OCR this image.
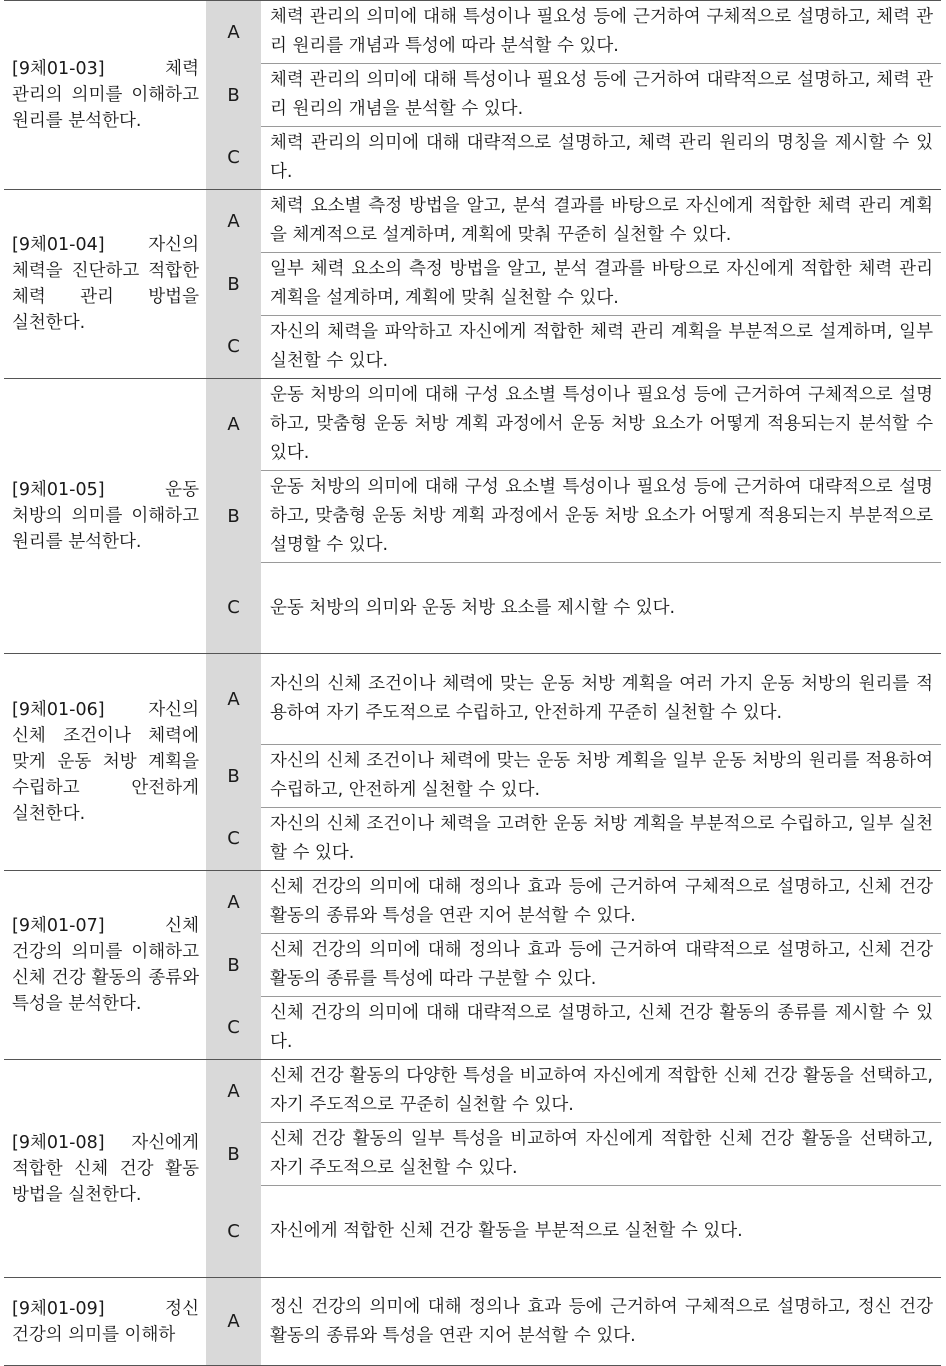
[9체01-03] 체력 관리의 의미를 이해하고 원리를 분석한다.	A	체력 관리의 의미에 대해 특성이나 필요성 등에 근거하여 구체적으로 설명하고, 체력 관리 원리를 개념과 특성에 따라 분석할 수 있다.
	B	체력 관리의 의미에 대해 특성이나 필요성 등에 근거하여 대략적으로 설명하고, 체력 관리 원리의 개념을 분석할 수 있다.
	C	체력 관리의 의미에 대해 대략적으로 설명하고, 체력 관리 원리의 명칭을 제시할 수 있다.
[9체01-04] 자신의 체력을 진단하고 적합한 체력 관리 방법을 실천한다.	A	체력 요소별 측정 방법을 알고, 분석 결과를 바탕으로 자신에게 적합한 체력 관리 계획을 체계적으로 설계하며, 계획에 맞춰 꾸준히 실천할 수 있다.
	B	일부 체력 요소의 측정 방법을 알고, 분석 결과를 바탕으로 자신에게 적합한 체력 관리 계획을 설계하며, 계획에 맞춰 실천할 수 있다.
	C	자신의 체력을 파악하고 자신에게 적합한 체력 관리 계획을 부분적으로 설계하며, 일부 실천할 수 있다.
[9체01-05] 운동 처방의 의미를 이해하고 원리를 분석한다.	A	운동 처방의 의미에 대해 구성 요소별 특성이나 필요성 등에 근거하여 구체적으로 설명하고, 맞춤형 운동 처방 계획 과정에서 운동 처방 요소가 어떻게 적용되는지 분석할 수 있다.
	B	운동 처방의 의미에 대해 구성 요소별 특성이나 필요성 등에 근거하여 대략적으로 설명하고, 맞춤형 운동 처방 계획 과정에서 운동 처방 요소가 어떻게 적용되는지 부분적으로 설명할 수 있다.
	C	운동 처방의 의미와 운동 처방 요소를 제시할 수 있다.
[9체01-06] 자신의 신체 조건이나 체력에 맞게 운동 처방 계획을 수립하고 안전하게 실천한다.	A	자신의 신체 조건이나 체력에 맞는 운동 처방 계획을 여러 가지 운동 처방의 원리를 적용하여 자기 주도적으로 수립하고, 안전하게 꾸준히 실천할 수 있다.
	B	자신의 신체 조건이나 체력에 맞는 운동 처방 계획을 일부 운동 처방의 원리를 적용하여 수립하고, 안전하게 실천할 수 있다.
	C	자신의 신체 조건이나 체력을 고려한 운동 처방 계획을 부분적으로 수립하고, 일부 실천할 수 있다.
[9체01-07] 신체 건강의 의미를 이해하고 신체 건강 활동의 종류와 특성을 분석한다.	A	신체 건강의 의미에 대해 정의나 효과 등에 근거하여 구체적으로 설명하고, 신체 건강 활동의 종류와 특성을 연관 지어 분석할 수 있다.
	B	신체 건강의 의미에 대해 정의나 효과 등에 근거하여 대략적으로 설명하고, 신체 건강 활동의 종류를 특성에 따라 구분할 수 있다.
	C	신체 건강의 의미에 대해 대략적으로 설명하고, 신체 건강 활동의 종류를 제시할 수 있다.
[9체01-08] 자신에게 적합한 신체 건강 활동 방법을 실천한다.	A	신체 건강 활동의 다양한 특성을 비교하여 자신에게 적합한 신체 건강 활동을 선택하고, 자기 주도적으로 꾸준히 실천할 수 있다.
	B	신체 건강 활동의 일부 특성을 비교하여 자신에게 적합한 신체 건강 활동을 선택하고, 자기 주도적으로 실천할 수 있다.
	C	자신에게 적합한 신체 건강 활동을 부분적으로 실천할 수 있다.
[9체01-09] 정신 건강의 의미를 이해하	A	정신 건강의 의미에 대해 정의나 효과 등에 근거하여 구체적으로 설명하고, 정신 건강 활동의 종류와 특성을 연관 지어 분석할 수 있다.
